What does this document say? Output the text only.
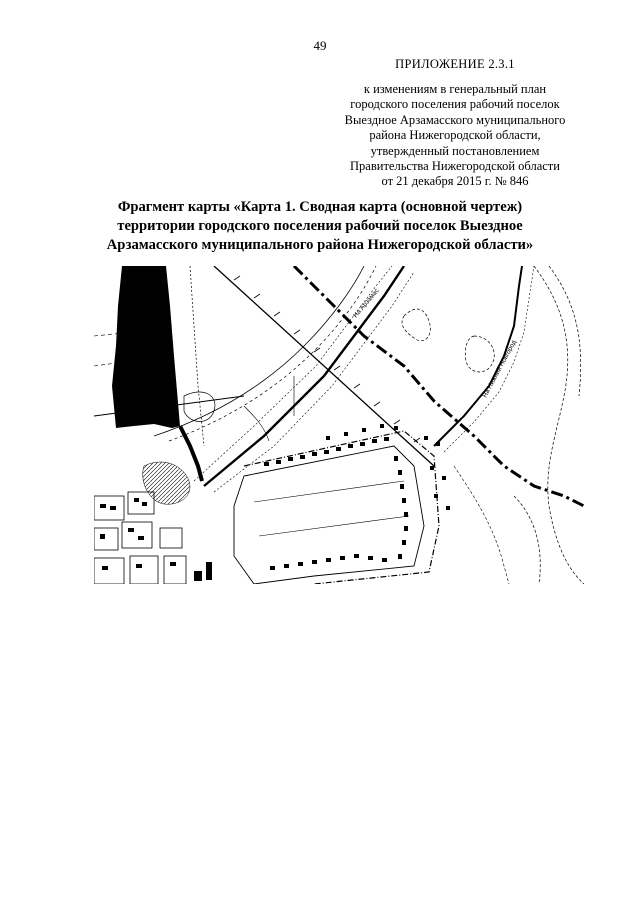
49
ПРИЛОЖЕНИЕ 2.3.1
к изменениям в генеральный план
городского поселения рабочий поселок
Выездное Арзамасского муниципального
района Нижегородской области,
утвержденный постановлением
Правительства Нижегородской области
от 21 декабря 2015 г. № 846
Фрагмент карты «Карта 1. Сводная карта (основной чертеж)
территории городского поселения рабочий поселок Выездное
Арзамасского муниципального района Нижегородской области»
На Арзамас
На Нижний Новгород
